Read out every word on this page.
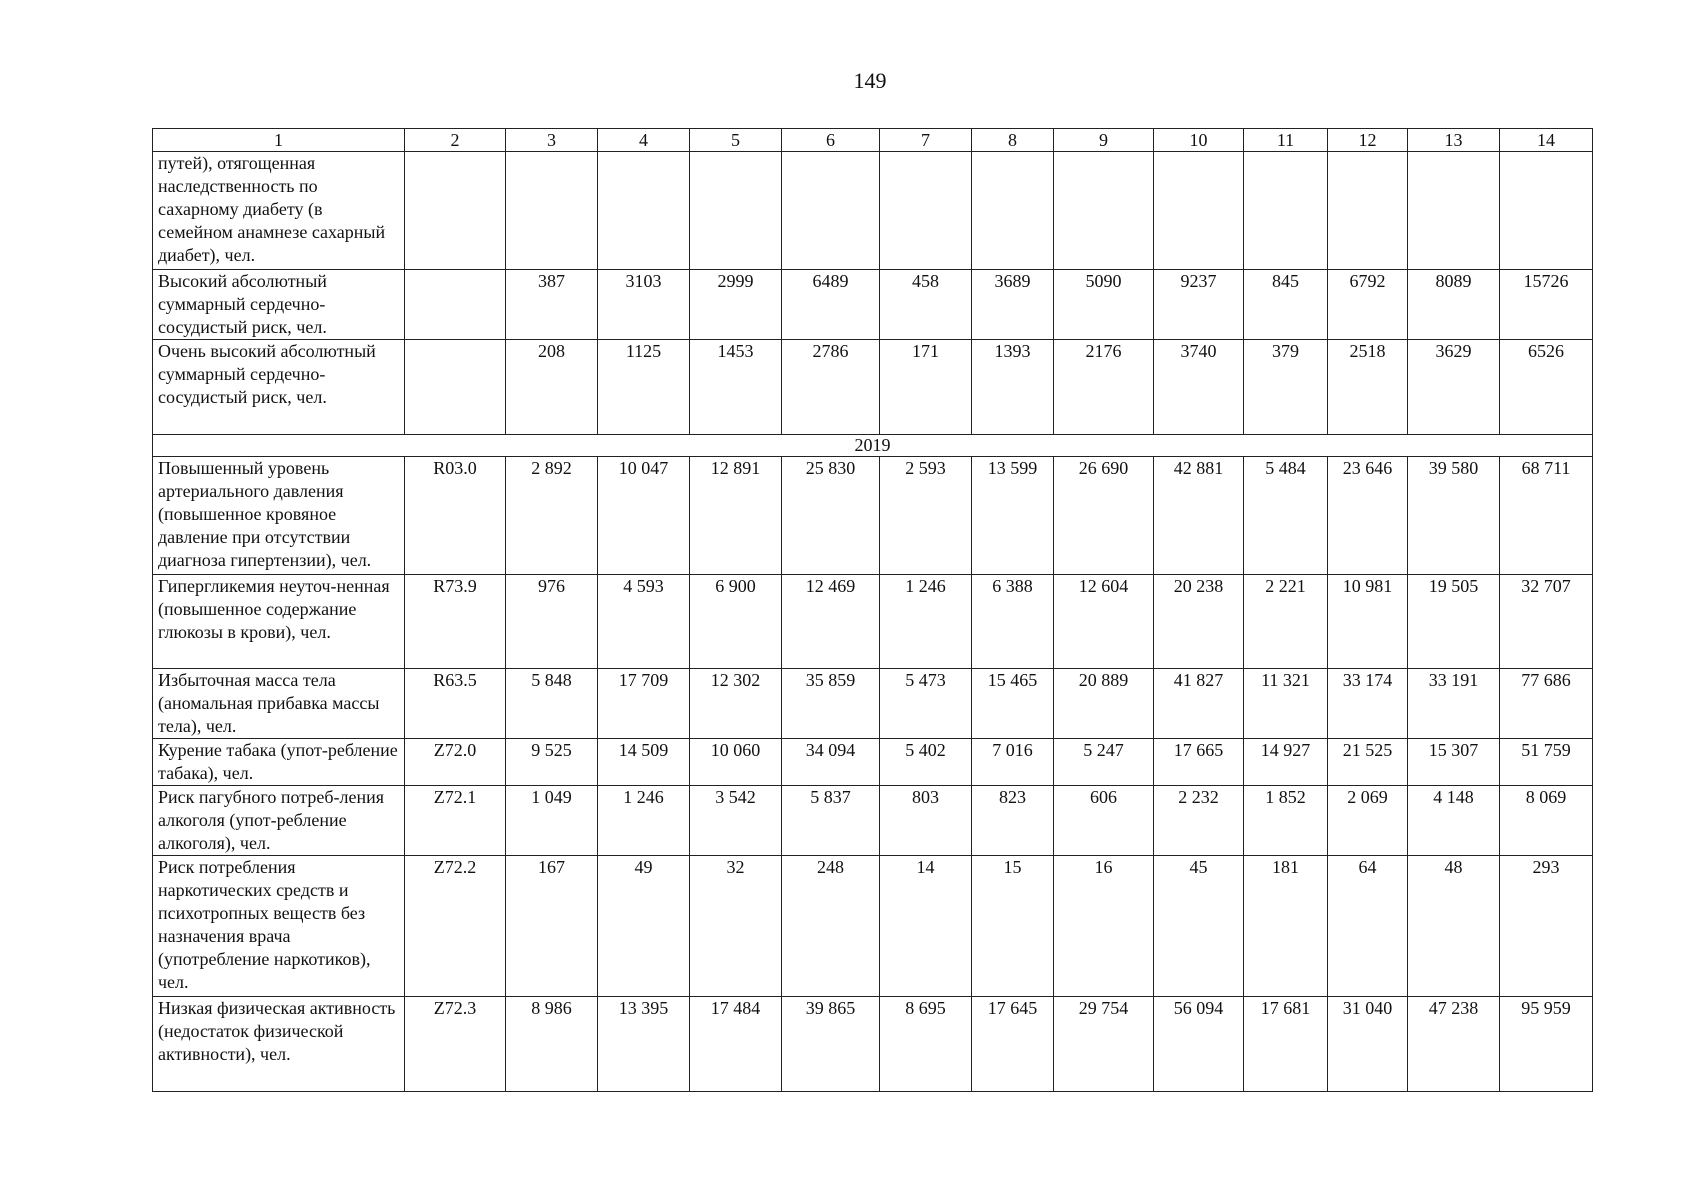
149
1	2	3	4	5	6	7	8	9	10	11	12	13	14
путей), отягощенная наследственность по сахарному диабету (в семейном анамнезе сахарный диабет), чел.													
Высокий абсолютный суммарный сердечно-сосудистый риск, чел.		387	3103	2999	6489	458	3689	5090	9237	845	6792	8089	15726
Очень высокий абсолютный суммарный сердечно-сосудистый риск, чел.		208	1125	1453	2786	171	1393	2176	3740	379	2518	3629	6526
2019													
Повышенный уровень артериального давления (повышенное кровяное давление при отсутствии диагноза гипертензии), чел.	R03.0	2 892	10 047	12 891	25 830	2 593	13 599	26 690	42 881	5 484	23 646	39 580	68 711
Гипергликемия неуточ-ненная (повышенное содержание глюкозы в крови), чел.	R73.9	976	4 593	6 900	12 469	1 246	6 388	12 604	20 238	2 221	10 981	19 505	32 707
Избыточная масса тела (аномальная прибавка массы тела), чел.	R63.5	5 848	17 709	12 302	35 859	5 473	15 465	20 889	41 827	11 321	33 174	33 191	77 686
Курение табака (упот-ребление табака), чел.	Z72.0	9 525	14 509	10 060	34 094	5 402	7 016	5 247	17 665	14 927	21 525	15 307	51 759
Риск пагубного потреб-ления алкоголя (упот-ребление алкоголя), чел.	Z72.1	1 049	1 246	3 542	5 837	803	823	606	2 232	1 852	2 069	4 148	8 069
Риск потребления наркотических средств и психотропных веществ без назначения врача (употребление наркотиков), чел.	Z72.2	167	49	32	248	14	15	16	45	181	64	48	293
Низкая физическая активность (недостаток физической активности), чел.	Z72.3	8 986	13 395	17 484	39 865	8 695	17 645	29 754	56 094	17 681	31 040	47 238	95 959
